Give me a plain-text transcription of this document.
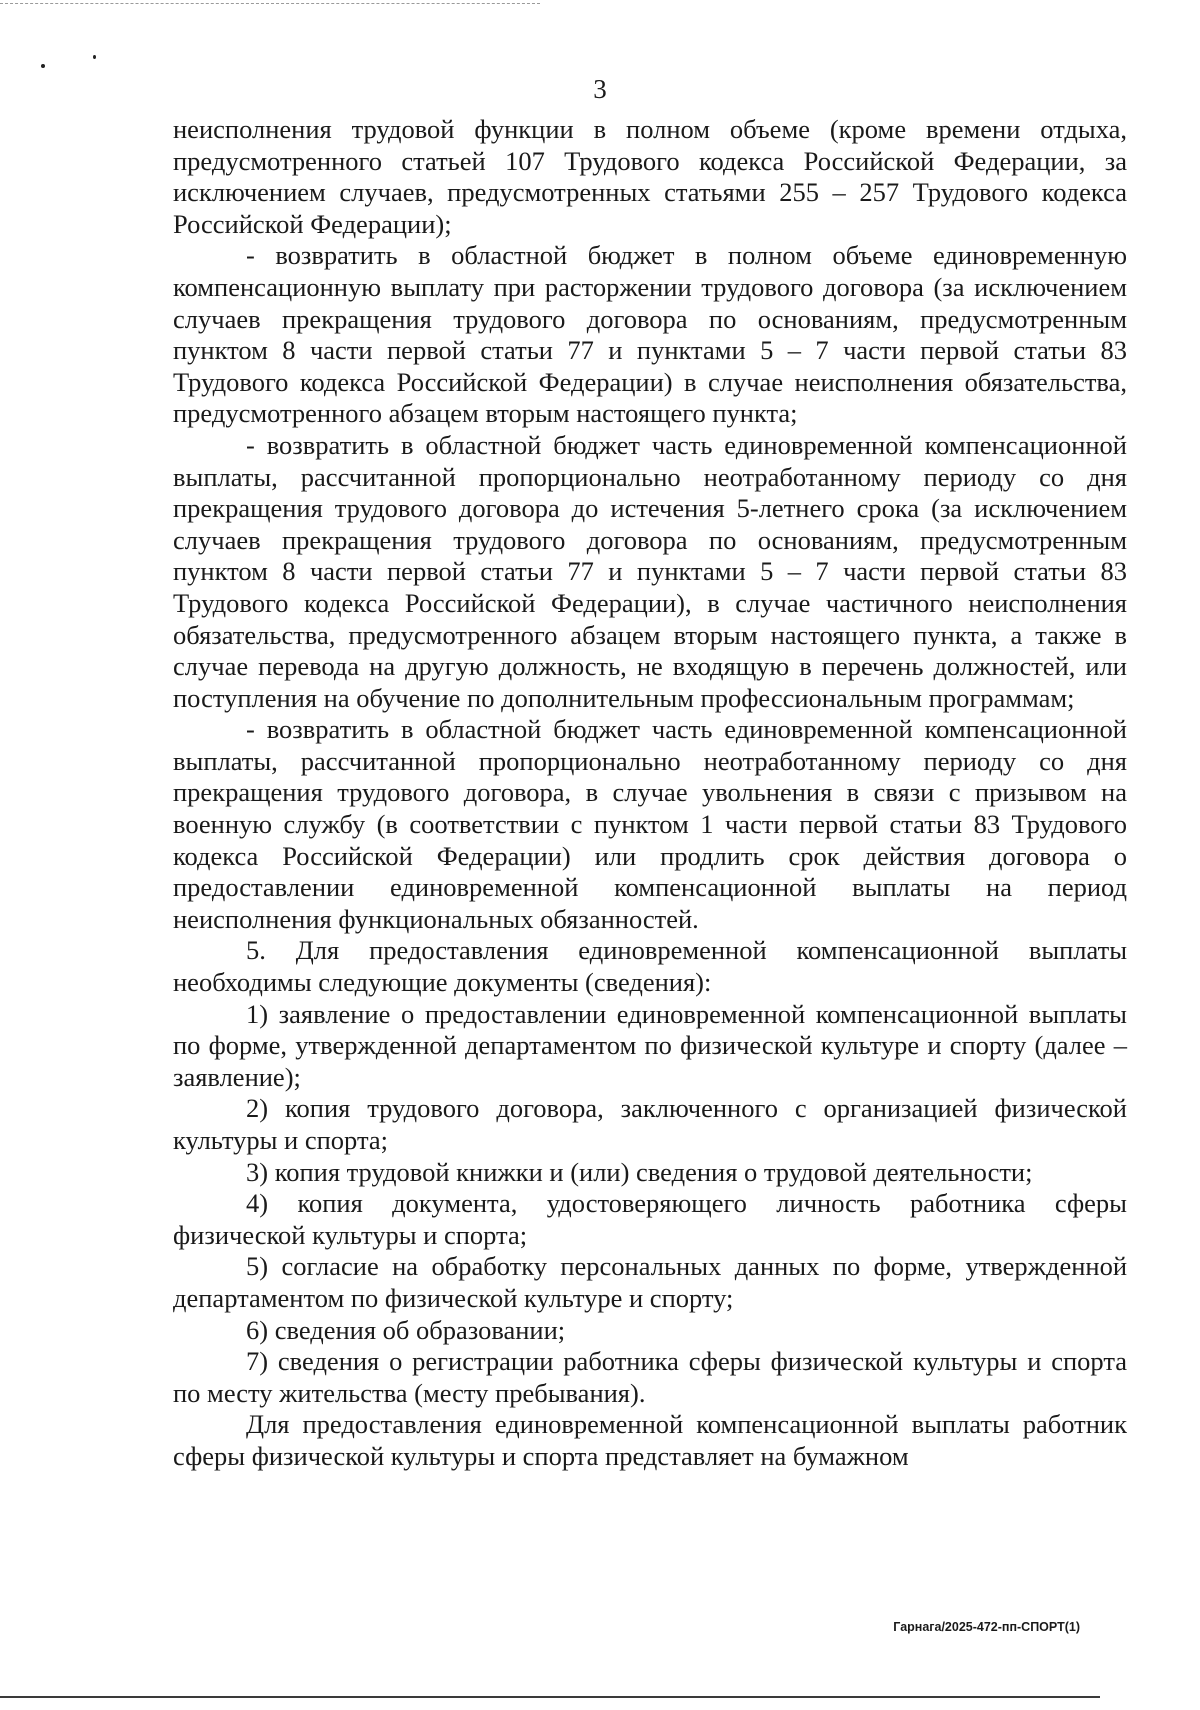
3

неисполнения трудовой функции в полном объеме (кроме времени отдыха, предусмотренного статьей 107 Трудового кодекса Российской Федерации, за исключением случаев, предусмотренных статьями 255 – 257 Трудового кодекса Российской Федерации);

- возвратить в областной бюджет в полном объеме единовременную компенсационную выплату при расторжении трудового договора (за исключением случаев прекращения трудового договора по основаниям, предусмотренным пунктом 8 части первой статьи 77 и пунктами 5 – 7 части первой статьи 83 Трудового кодекса Российской Федерации) в случае неисполнения обязательства, предусмотренного абзацем вторым настоящего пункта;

- возвратить в областной бюджет часть единовременной компенсационной выплаты, рассчитанной пропорционально неотработанному периоду со дня прекращения трудового договора до истечения 5-летнего срока (за исключением случаев прекращения трудового договора по основаниям, предусмотренным пунктом 8 части первой статьи 77 и пунктами 5 – 7 части первой статьи 83 Трудового кодекса Российской Федерации), в случае частичного неисполнения обязательства, предусмотренного абзацем вторым настоящего пункта, а также в случае перевода на другую должность, не входящую в перечень должностей, или поступления на обучение по дополнительным профессиональным программам;

- возвратить в областной бюджет часть единовременной компенсационной выплаты, рассчитанной пропорционально неотработанному периоду со дня прекращения трудового договора, в случае увольнения в связи с призывом на военную службу (в соответствии с пунктом 1 части первой статьи 83 Трудового кодекса Российской Федерации) или продлить срок действия договора о предоставлении единовременной компенсационной выплаты на период неисполнения функциональных обязанностей.

5. Для предоставления единовременной компенсационной выплаты необходимы следующие документы (сведения):

1) заявление о предоставлении единовременной компенсационной выплаты по форме, утвержденной департаментом по физической культуре и спорту (далее – заявление);

2) копия трудового договора, заключенного с организацией физической культуры и спорта;

3) копия трудовой книжки и (или) сведения о трудовой деятельности;

4) копия документа, удостоверяющего личность работника сферы физической культуры и спорта;

5) согласие на обработку персональных данных по форме, утвержденной департаментом по физической культуре и спорту;

6) сведения об образовании;

7) сведения о регистрации работника сферы физической культуры и спорта по месту жительства (месту пребывания).

Для предоставления единовременной компенсационной выплаты работник сферы физической культуры и спорта представляет на бумажном

Гарнага/2025-472-пп-СПОРТ(1)
